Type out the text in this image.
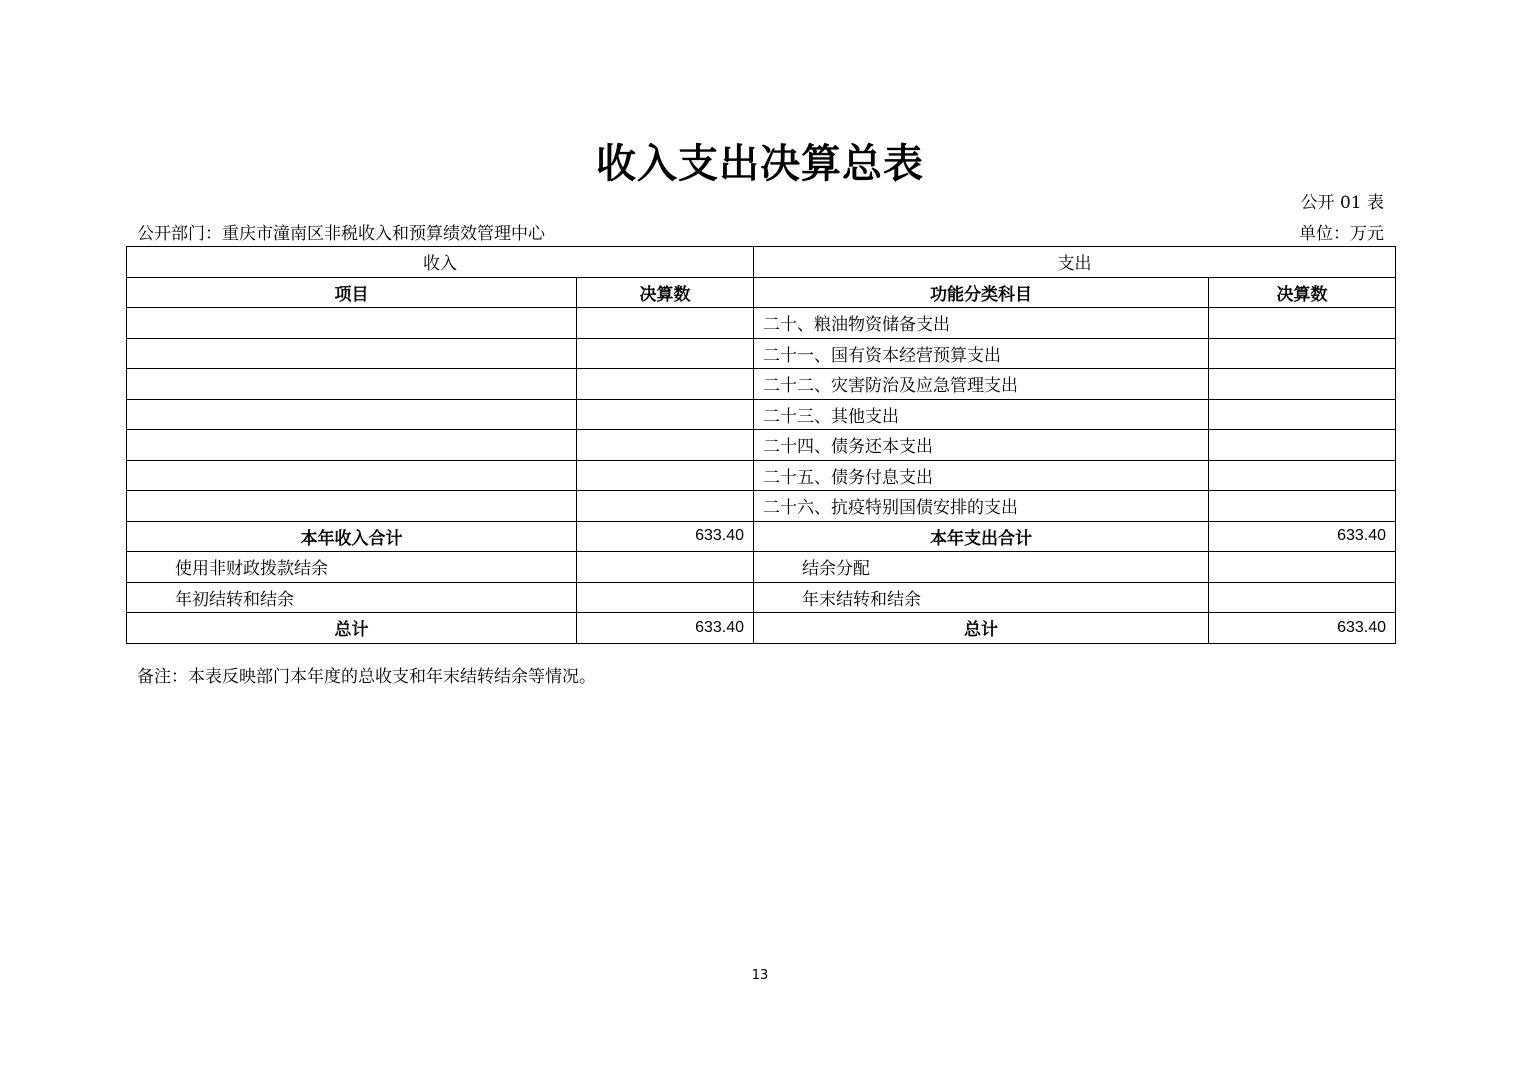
收入支出决算总表
公开 01 表
公开部门：重庆市潼南区非税收入和预算绩效管理中心	单位：万元
收入		支出	
项目	决算数	功能分类科目	决算数
		二十、粮油物资储备支出	
		二十一、国有资本经营预算支出	
		二十二、灾害防治及应急管理支出	
		二十三、其他支出	
		二十四、债务还本支出	
		二十五、债务付息支出	
		二十六、抗疫特别国债安排的支出	
本年收入合计	633.40	本年支出合计	633.40
使用非财政拨款结余		结余分配	
年初结转和结余		年末结转和结余	
总计	633.40	总计	633.40
备注：本表反映部门本年度的总收支和年末结转结余等情况。
13
